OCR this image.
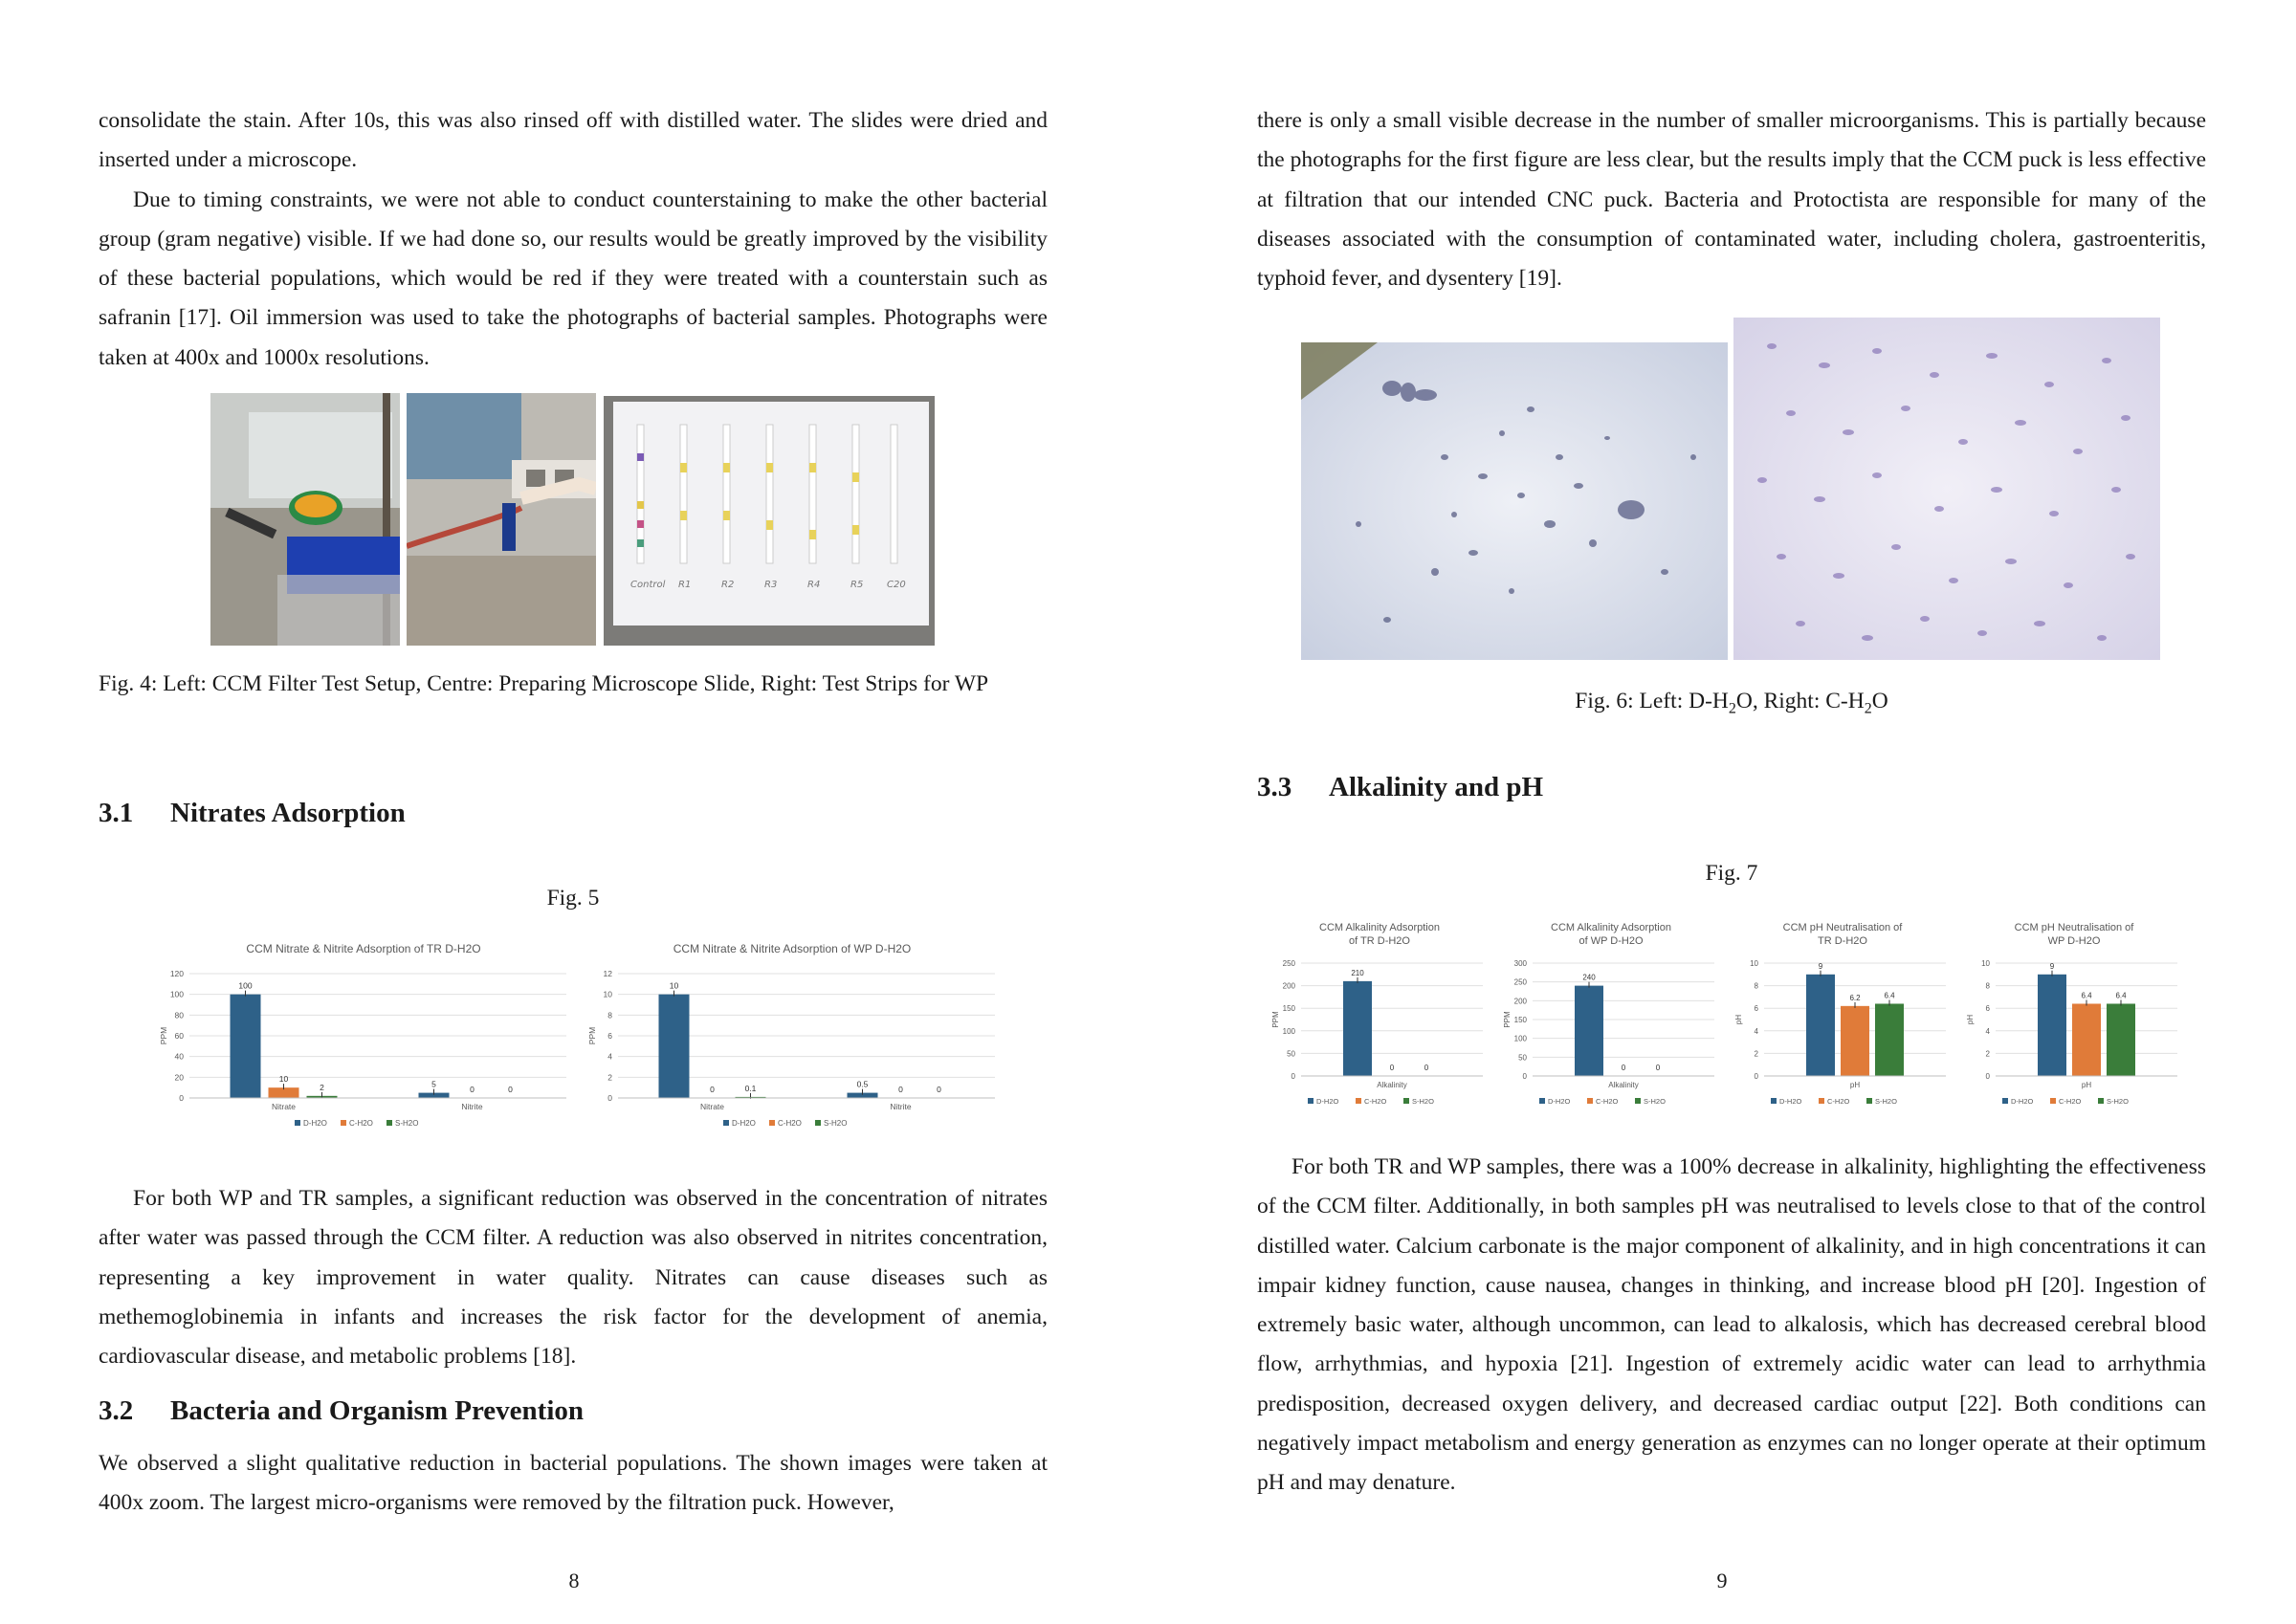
consolidate the stain. After 10s, this was also rinsed off with distilled water. The slides were dried and inserted under a microscope.

Due to timing constraints, we were not able to conduct counterstaining to make the other bacterial group (gram negative) visible. If we had done so, our results would be greatly improved by the visibility of these bacterial populations, which would be red if they were treated with a counterstain such as safranin [17]. Oil immersion was used to take the photographs of bacterial samples. Photographs were taken at 400x and 1000x resolutions.

Control R1	R2	R3	R4	R5 C20
Fig. 4: Left: CCM Filter Test Setup, Centre: Preparing Microscope Slide, Right: Test Strips for WP
3.1 Nitrates Adsorption
Fig. 5
CCM Nitrate & Nitrite Adsorption of TR D-H2O
0
20
40
60
80
100
120
PPM
100
10
2
Nitrate
5
0	0
Nitrite
D-H2O	C-H2O	S-H2O
CCM Nitrate & Nitrite Adsorption of WP D-H2O
0
2
4
6
8
10
12
PPM
10
0	0.1
Nitrate
0.5
0	0
Nitrite
D-H2O	C-H2O	S-H2O

For both WP and TR samples, a significant reduction was observed in the concentration of nitrates after water was passed through the CCM filter. A reduction was also observed in nitrites concentration, representing a key improvement in water quality. Nitrates can cause diseases such as methemoglobinemia in infants and increases the risk factor for the development of anemia, cardiovascular disease, and metabolic problems [18].

3.2 Bacteria and Organism Prevention

We observed a slight qualitative reduction in bacterial populations. The shown images were taken at 400x zoom. The largest micro-organisms were removed by the filtration puck. However,

8

there is only a small visible decrease in the number of smaller microorganisms. This is partially because the photographs for the first figure are less clear, but the results imply that the CCM puck is less effective at filtration that our intended CNC puck. Bacteria and Protoctista are responsible for many of the diseases associated with the consumption of contaminated water, including cholera, gastroenteritis, typhoid fever, and dysentery [19].

Fig. 6: Left: $D-H_2O$, Right: $C-H_2O$
3.3 Alkalinity and pH
Fig. 7
CCM Alkalinity Adsorption
of TR D-H2O
0
50
100
150
200
250
PPM
210
0	0
Alkalinity
D-H2O	C-H2O	S-H2O
CCM Alkalinity Adsorption
of WP D-H2O
0
50
100
150
200
250
300
PPM
240
0	0
Alkalinity
D-H2O	C-H2O	S-H2O
CCM pH Neutralisation of
TR D-H2O
0
2
4
6
8
10
pH
9
6.2	6.4
pH
D-H2O	C-H2O	S-H2O
CCM pH Neutralisation of
WP D-H2O
0
2
4
6
8
10
pH
9
6.4	6.4
pH
D-H2O	C-H2O	S-H2O

For both TR and WP samples, there was a 100% decrease in alkalinity, highlighting the effectiveness of the CCM filter. Additionally, in both samples pH was neutralised to levels close to that of the control distilled water. Calcium carbonate is the major component of alkalinity, and in high concentrations it can impair kidney function, cause nausea, changes in thinking, and increase blood pH [20]. Ingestion of extremely basic water, although uncommon, can lead to alkalosis, which has decreased cerebral blood flow, arrhythmias, and hypoxia [21]. Ingestion of extremely acidic water can lead to arrhythmia predisposition, decreased oxygen delivery, and decreased cardiac output [22]. Both conditions can negatively impact metabolism and energy generation as enzymes can no longer operate at their optimum pH and may denature.

9
